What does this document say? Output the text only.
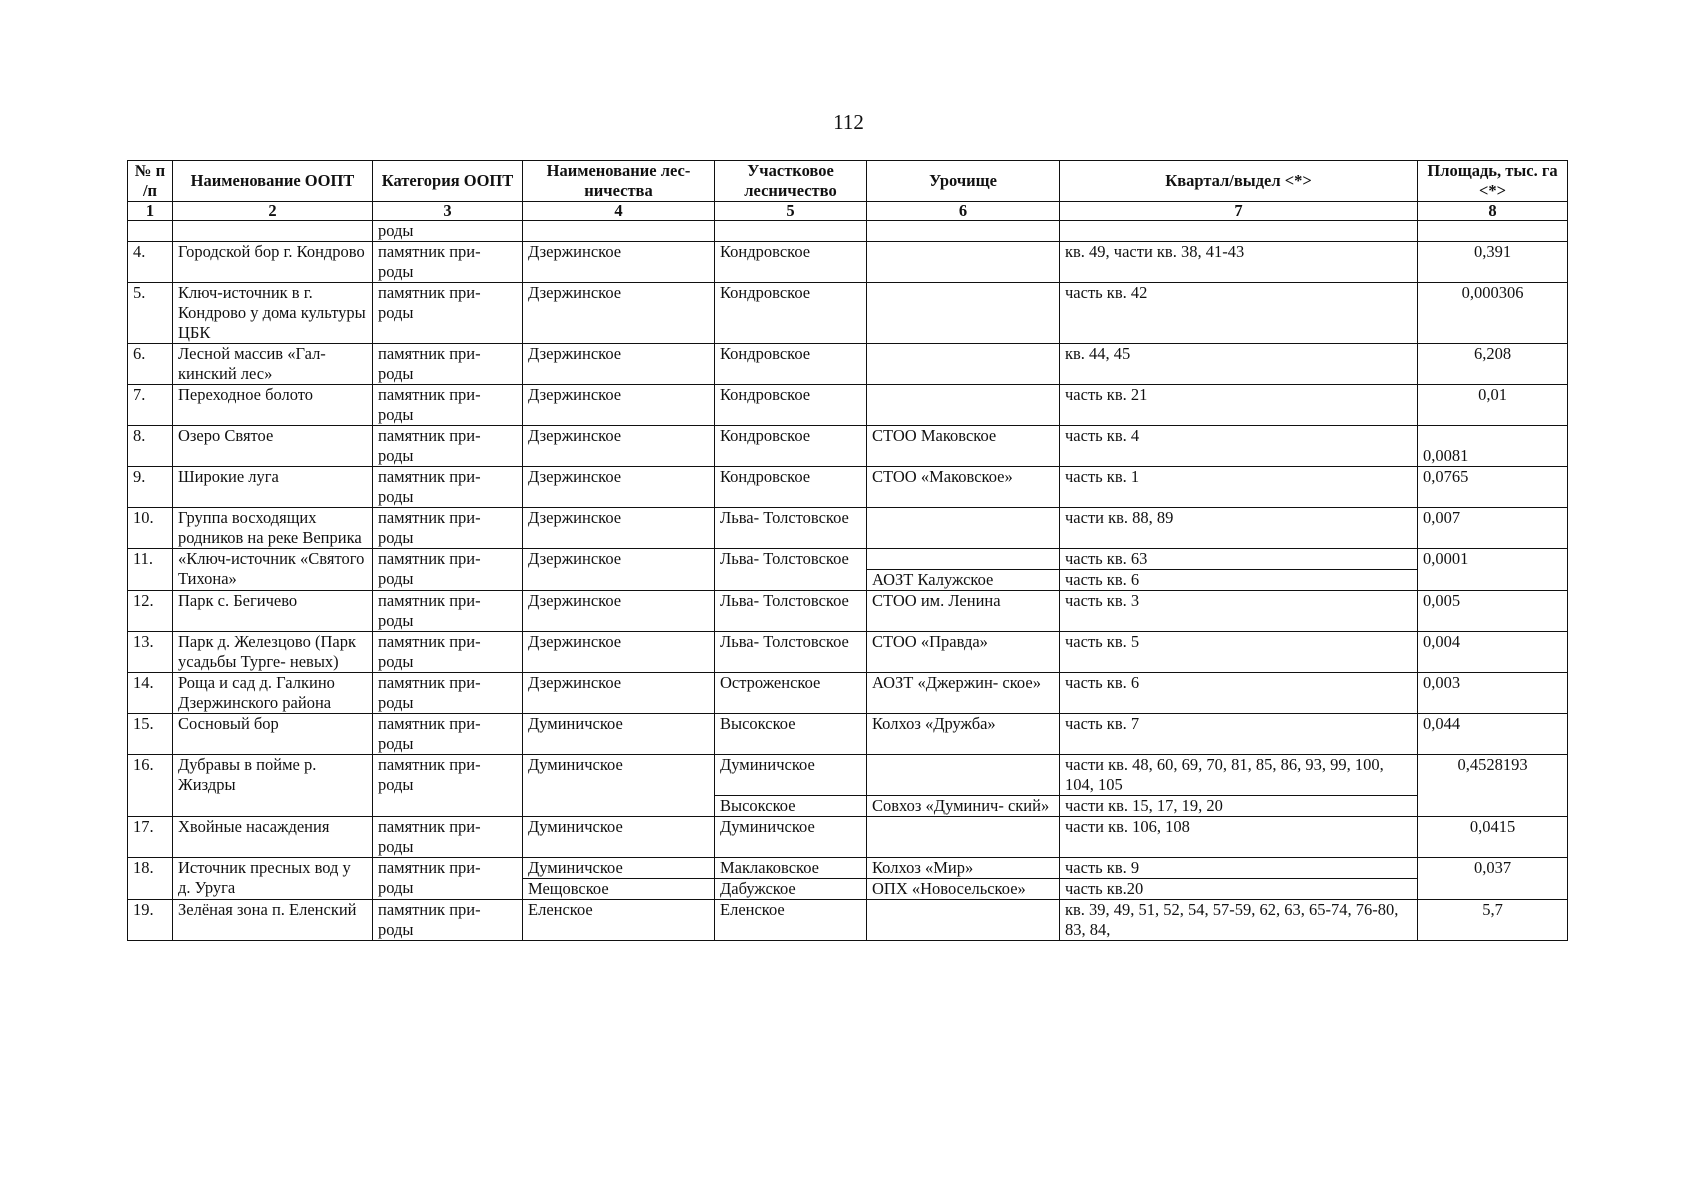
112
№ п /п	Наименование ООПТ	Категория ООПТ	Наименование лес- ничества	Участковое лесничество	Урочище	Квартал/выдел <*>	Площадь, тыс. га <*>
1	2	3	4	5	6	7	8
		роды					
4.	Городской бор г. Кондрово	памятник при- роды	Дзержинское	Кондровское		кв. 49, части кв. 38, 41-43	0,391
5.	Ключ-источник в г. Кондрово у дома культуры ЦБК	памятник при- роды	Дзержинское	Кондровское		часть кв. 42	0,000306
6.	Лесной массив «Гал- кинский лес»	памятник при- роды	Дзержинское	Кондровское		кв. 44, 45	6,208
7.	Переходное болото	памятник при- роды	Дзержинское	Кондровское		часть кв. 21	0,01
8.	Озеро Святое	памятник при- роды	Дзержинское	Кондровское	СТОО Маковское	часть кв. 4	0,0081
9.	Широкие луга	памятник при- роды	Дзержинское	Кондровское	СТОО «Маковское»	часть кв. 1	0,0765
10.	Группа восходящих родников на реке Веприка	памятник при- роды	Дзержинское	Льва- Толстовское		части кв. 88, 89	0,007
11.	«Ключ-источник «Святого Тихона»	памятник при- роды	Дзержинское	Льва- Толстовское		часть кв. 63	0,0001
					АОЗТ Калужское	часть кв. 6	
12.	Парк с. Бегичево	памятник при- роды	Дзержинское	Льва- Толстовское	СТОО им. Ленина	часть кв. 3	0,005
13.	Парк д. Железцово (Парк усадьбы Турге- невых)	памятник при- роды	Дзержинское	Льва- Толстовское	СТОО «Правда»	часть кв. 5	0,004
14.	Роща и сад д. Галкино Дзержинского района	памятник при- роды	Дзержинское	Остроженское	АОЗТ «Джержин- ское»	часть кв. 6	0,003
15.	Сосновый бор	памятник при- роды	Думиничское	Высокское	Колхоз «Дружба»	часть кв. 7	0,044
16.	Дубравы в пойме р. Жиздры	памятник при- роды	Думиничское	Думиничское		части кв. 48, 60, 69, 70, 81, 85, 86, 93, 99, 100, 104, 105	0,4528193
				Высокское	Совхоз «Думинич- ский»	части кв. 15, 17, 19, 20	
17.	Хвойные насаждения	памятник при- роды	Думиничское	Думиничское		части кв. 106, 108	0,0415
18.	Источник пресных вод у д. Уруга	памятник при- роды	Думиничское	Маклаковское	Колхоз «Мир»	часть кв. 9	0,037
			Мещовское	Дабужское	ОПХ «Новосельское»	часть кв.20	
19.	Зелёная зона п. Еленский	памятник при- роды	Еленское	Еленское		кв. 39, 49, 51, 52, 54, 57-59, 62, 63, 65-74, 76-80, 83, 84,	5,7
